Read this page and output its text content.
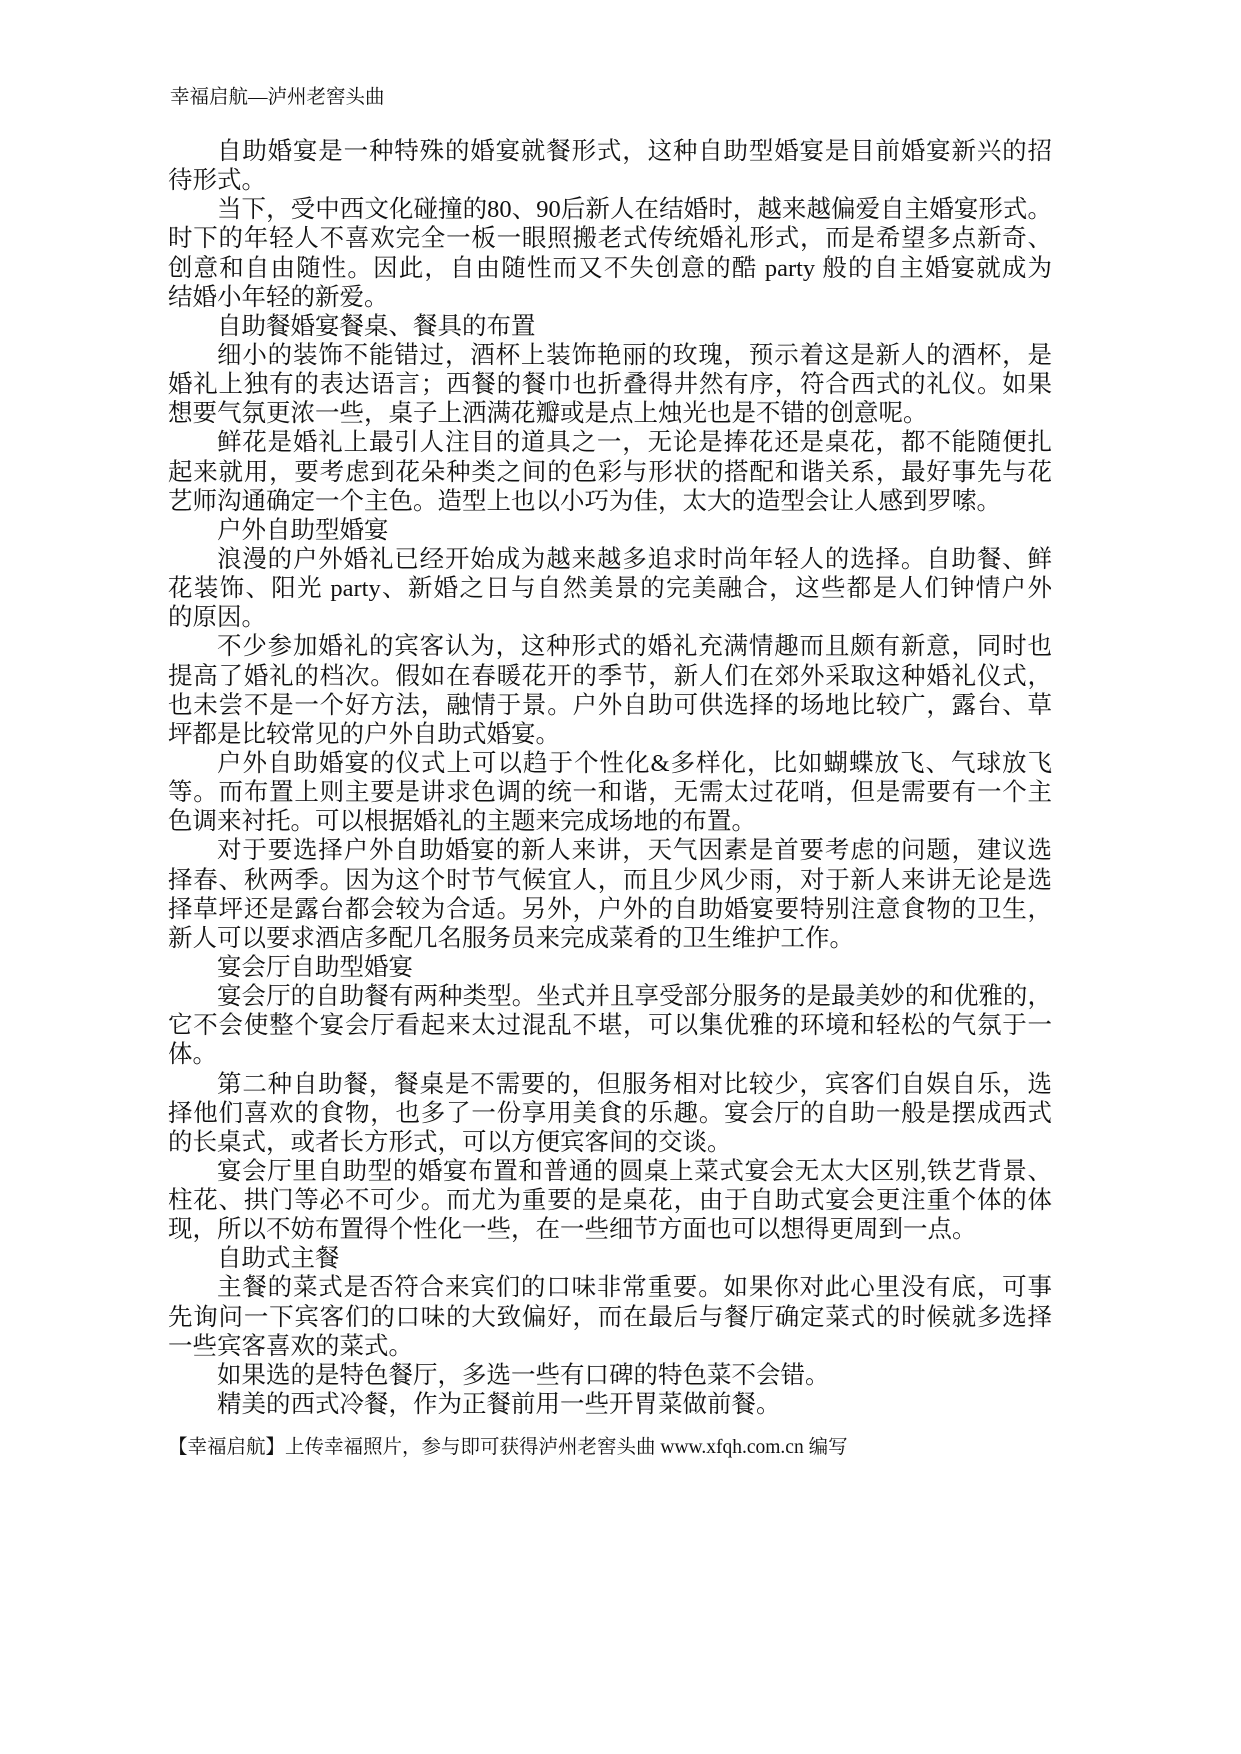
幸福启航—泸州老窖头曲
自助婚宴是一种特殊的婚宴就餐形式，这种自助型婚宴是目前婚宴新兴的招
待形式。
当下，受中西文化碰撞的80、90后新人在结婚时，越来越偏爱自主婚宴形式。
时下的年轻人不喜欢完全一板一眼照搬老式传统婚礼形式，而是希望多点新奇、
创意和自由随性。因此，自由随性而又不失创意的酷 party 般的自主婚宴就成为
结婚小年轻的新爱。
自助餐婚宴餐桌、餐具的布置
细小的装饰不能错过，酒杯上装饰艳丽的玫瑰，预示着这是新人的酒杯，是
婚礼上独有的表达语言；西餐的餐巾也折叠得井然有序，符合西式的礼仪。如果
想要气氛更浓一些，桌子上洒满花瓣或是点上烛光也是不错的创意呢。
鲜花是婚礼上最引人注目的道具之一，无论是捧花还是桌花，都不能随便扎
起来就用，要考虑到花朵种类之间的色彩与形状的搭配和谐关系，最好事先与花
艺师沟通确定一个主色。造型上也以小巧为佳，太大的造型会让人感到罗嗦。
户外自助型婚宴
浪漫的户外婚礼已经开始成为越来越多追求时尚年轻人的选择。自助餐、鲜
花装饰、阳光 party、新婚之日与自然美景的完美融合，这些都是人们钟情户外
的原因。
不少参加婚礼的宾客认为，这种形式的婚礼充满情趣而且颇有新意，同时也
提高了婚礼的档次。假如在春暖花开的季节，新人们在郊外采取这种婚礼仪式，
也未尝不是一个好方法，融情于景。户外自助可供选择的场地比较广，露台、草
坪都是比较常见的户外自助式婚宴。
户外自助婚宴的仪式上可以趋于个性化&多样化，比如蝴蝶放飞、气球放飞
等。而布置上则主要是讲求色调的统一和谐，无需太过花哨，但是需要有一个主
色调来衬托。可以根据婚礼的主题来完成场地的布置。
对于要选择户外自助婚宴的新人来讲，天气因素是首要考虑的问题，建议选
择春、秋两季。因为这个时节气候宜人，而且少风少雨，对于新人来讲无论是选
择草坪还是露台都会较为合适。另外，户外的自助婚宴要特别注意食物的卫生，
新人可以要求酒店多配几名服务员来完成菜肴的卫生维护工作。
宴会厅自助型婚宴
宴会厅的自助餐有两种类型。坐式并且享受部分服务的是最美妙的和优雅的，
它不会使整个宴会厅看起来太过混乱不堪，可以集优雅的环境和轻松的气氛于一
体。
第二种自助餐，餐桌是不需要的，但服务相对比较少，宾客们自娱自乐，选
择他们喜欢的食物，也多了一份享用美食的乐趣。宴会厅的自助一般是摆成西式
的长桌式，或者长方形式，可以方便宾客间的交谈。
宴会厅里自助型的婚宴布置和普通的圆桌上菜式宴会无太大区别,铁艺背景、
柱花、拱门等必不可少。而尤为重要的是桌花，由于自助式宴会更注重个体的体
现，所以不妨布置得个性化一些，在一些细节方面也可以想得更周到一点。
自助式主餐
主餐的菜式是否符合来宾们的口味非常重要。如果你对此心里没有底，可事
先询问一下宾客们的口味的大致偏好，而在最后与餐厅确定菜式的时候就多选择
一些宾客喜欢的菜式。
如果选的是特色餐厅，多选一些有口碑的特色菜不会错。
精美的西式冷餐，作为正餐前用一些开胃菜做前餐。
【幸福启航】上传幸福照片，参与即可获得泸州老窖头曲 www.xfqh.com.cn 编写
